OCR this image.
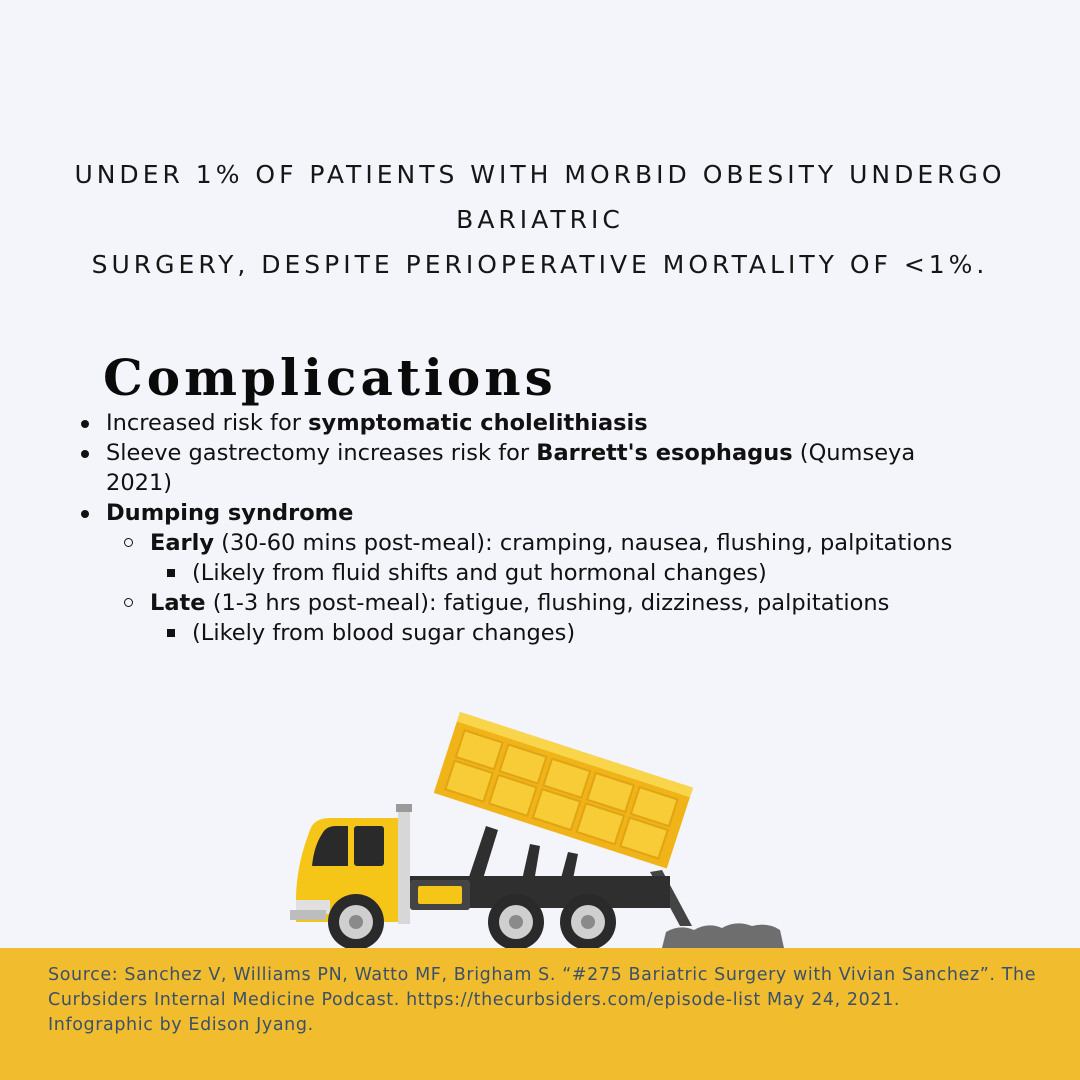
UNDER 1% OF PATIENTS WITH MORBID OBESITY UNDERGO BARIATRIC
SURGERY, DESPITE PERIOPERATIVE MORTALITY OF <1%.
Complications
Increased risk for symptomatic cholelithiasis
Sleeve gastrectomy increases risk for Barrett's esophagus (Qumseya 2021)
Dumping syndrome
Early (30-60 mins post-meal): cramping, nausea, flushing, palpitations
(Likely from fluid shifts and gut hormonal changes)
Late (1-3 hrs post-meal): fatigue, flushing, dizziness, palpitations
(Likely from blood sugar changes)
Source: Sanchez V, Williams PN, Watto MF, Brigham S. “#275 Bariatric Surgery with Vivian Sanchez”. The Curbsiders Internal Medicine Podcast. https://thecurbsiders.com/episode-list May 24, 2021.
Infographic by Edison Jyang.
